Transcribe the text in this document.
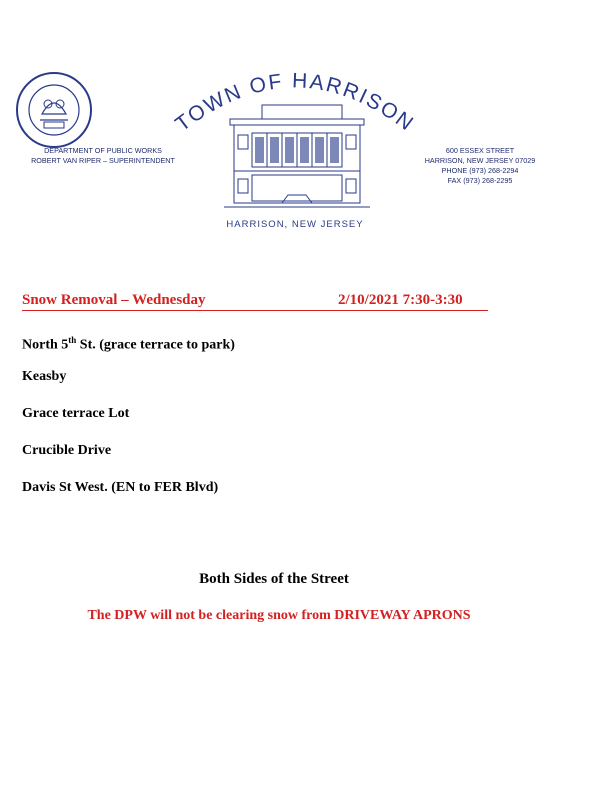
DEPARTMENT OF PUBLIC WORKS
ROBERT VAN RIPER – SUPERINTENDENT
600 ESSEX STREET
HARRISON, NEW JERSEY 07029
PHONE (973) 268-2294
FAX (973) 268-2295
TOWN OF HARRISON
HARRISON, NEW JERSEY
Snow Removal – Wednesday	2/10/2021 7:30-3:30
North 5th St. (grace terrace to park)
Keasby
Grace terrace Lot
Crucible Drive
Davis St West. (EN to FER Blvd)
Both Sides of the Street
The DPW will not be clearing snow from DRIVEWAY APRONS
